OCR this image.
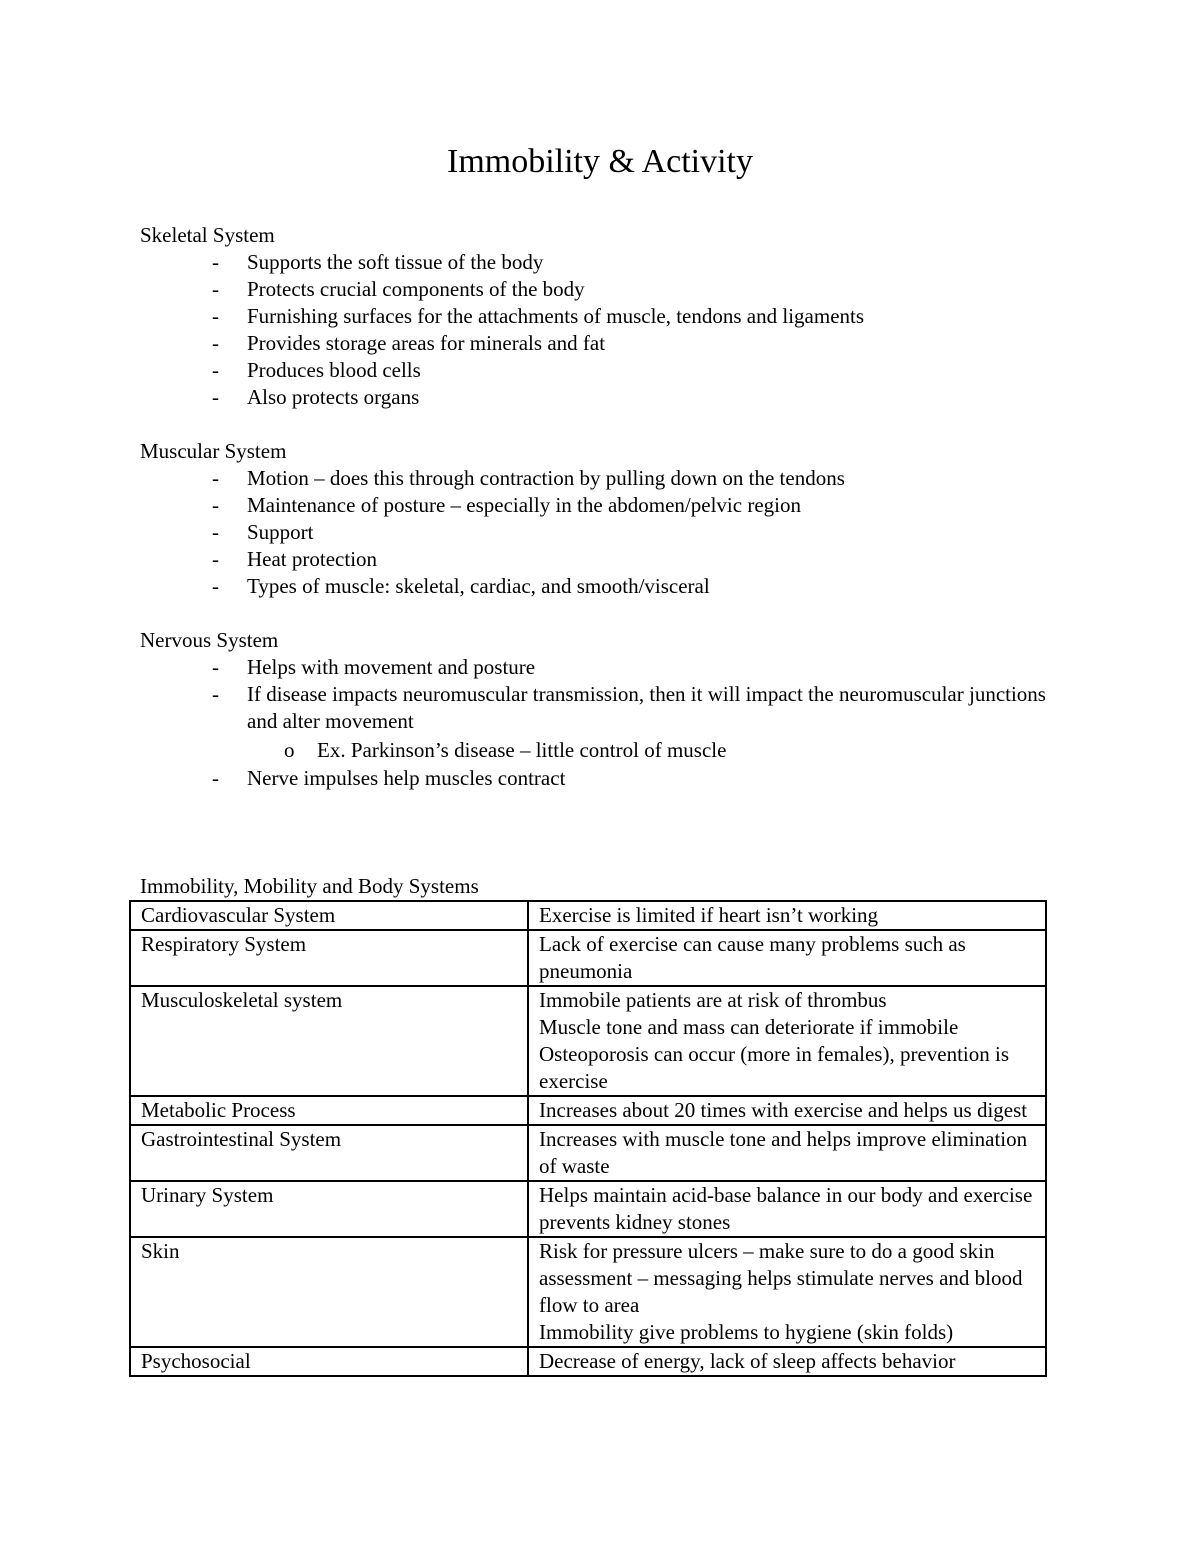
Immobility & Activity

Skeletal System

- Supports the soft tissue of the body
- Protects crucial components of the body
- Furnishing surfaces for the attachments of muscle, tendons and ligaments
- Provides storage areas for minerals and fat
- Produces blood cells
- Also protects organs

Muscular System

- Motion – does this through contraction by pulling down on the tendons
- Maintenance of posture – especially in the abdomen/pelvic region
- Support
- Heat protection
- Types of muscle: skeletal, cardiac, and smooth/visceral

Nervous System

- Helps with movement and posture
- If disease impacts neuromuscular transmission, then it will impact the neuromuscular junctions and alter movement
o Ex. Parkinson’s disease – little control of muscle
- Nerve impulses help muscles contract
Immobility, Mobility and Body Systems
Cardiovascular System	Exercise is limited if heart isn’t working

Respiratory System	Lack of exercise can cause many problems such as pneumonia

Musculoskeletal system	Immobile patients are at risk of thrombus
Muscle tone and mass can deteriorate if immobile
Osteoporosis can occur (more in females), prevention is exercise

Metabolic Process	Increases about 20 times with exercise and helps us digest

Gastrointestinal System	Increases with muscle tone and helps improve elimination of waste

Urinary System	Helps maintain acid-base balance in our body and exercise prevents kidney stones

Skin	Risk for pressure ulcers – make sure to do a good skin assessment – messaging helps stimulate nerves and blood flow to area
Immobility give problems to hygiene (skin folds)

Psychosocial	Decrease of energy, lack of sleep affects behavior
